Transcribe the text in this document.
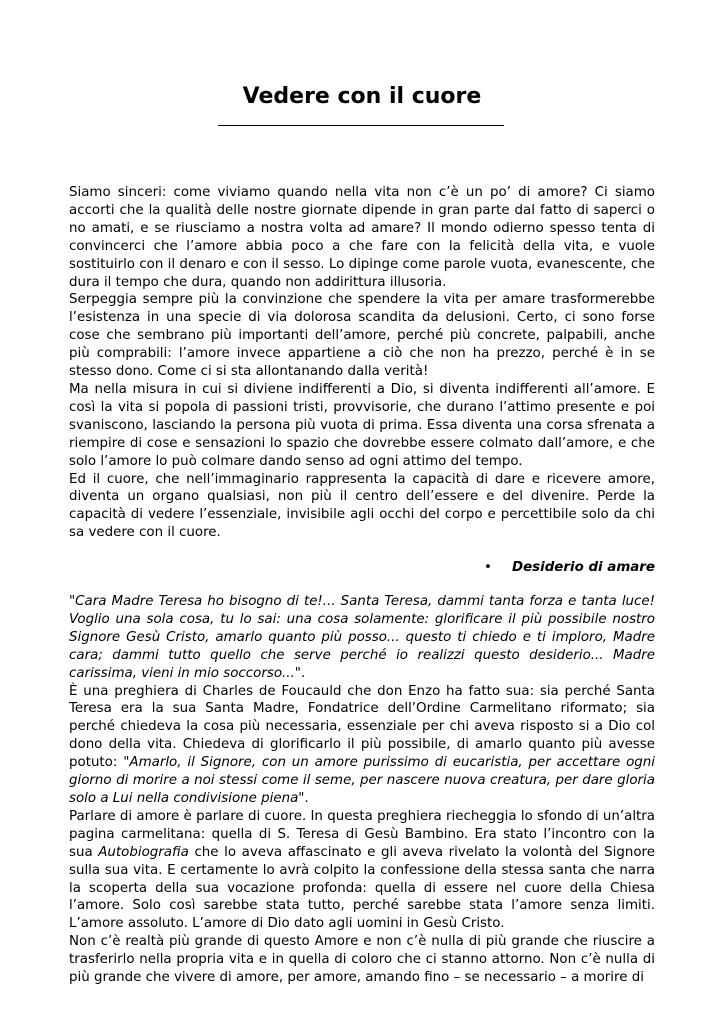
Vedere con il cuore

Siamo sinceri: come viviamo quando nella vita non c’è un po’ di amore? Ci siamo accorti che la qualità delle nostre giornate dipende in gran parte dal fatto di saperci o no amati, e se riusciamo a nostra volta ad amare? Il mondo odierno spesso tenta di convincerci che l’amore abbia poco a che fare con la felicità della vita, e vuole sostituirlo con il denaro e con il sesso. Lo dipinge come parole vuota, evanescente, che dura il tempo che dura, quando non addirittura illusoria.

Serpeggia sempre più la convinzione che spendere la vita per amare trasformerebbe l’esistenza in una specie di via dolorosa scandita da delusioni. Certo, ci sono forse cose che sembrano più importanti dell’amore, perché più concrete, palpabili, anche più comprabili: l’amore invece appartiene a ciò che non ha prezzo, perché è in se stesso dono. Come ci si sta allontanando dalla verità!

Ma nella misura in cui si diviene indifferenti a Dio, si diventa indifferenti all’amore. E così la vita si popola di passioni tristi, provvisorie, che durano l’attimo presente e poi svaniscono, lasciando la persona più vuota di prima. Essa diventa una corsa sfrenata a riempire di cose e sensazioni lo spazio che dovrebbe essere colmato dall’amore, e che solo l’amore lo può colmare dando senso ad ogni attimo del tempo.

Ed il cuore, che nell’immaginario rappresenta la capacità di dare e ricevere amore, diventa un organo qualsiasi, non più il centro dell’essere e del divenire. Perde la capacità di vedere l’essenziale, invisibile agli occhi del corpo e percettibile solo da chi sa vedere con il cuore.

• Desiderio di amare

"Cara Madre Teresa ho bisogno di te!... Santa Teresa, dammi tanta forza e tanta luce! Voglio una sola cosa, tu lo sai: una cosa solamente: glorificare il più possibile nostro Signore Gesù Cristo, amarlo quanto più posso... questo ti chiedo e ti imploro, Madre cara; dammi tutto quello che serve perché io realizzi questo desiderio... Madre carissima, vieni in mio soccorso...".

È una preghiera di Charles de Foucauld che don Enzo ha fatto sua: sia perché Santa Teresa era la sua Santa Madre, Fondatrice dell’Ordine Carmelitano riformato; sia perché chiedeva la cosa più necessaria, essenziale per chi aveva risposto si a Dio col dono della vita. Chiedeva di glorificarlo il più possibile, di amarlo quanto più avesse potuto: "Amarlo, il Signore, con un amore purissimo di eucaristia, per accettare ogni giorno di morire a noi stessi come il seme, per nascere nuova creatura, per dare gloria solo a Lui nella condivisione piena".

Parlare di amore è parlare di cuore. In questa preghiera riecheggia lo sfondo di un’altra pagina carmelitana: quella di S. Teresa di Gesù Bambino. Era stato l’incontro con la sua Autobiografia che lo aveva affascinato e gli aveva rivelato la volontà del Signore sulla sua vita. E certamente lo avrà colpito la confessione della stessa santa che narra la scoperta della sua vocazione profonda: quella di essere nel cuore della Chiesa l’amore. Solo così sarebbe stata tutto, perché sarebbe stata l’amore senza limiti. L’amore assoluto. L’amore di Dio dato agli uomini in Gesù Cristo.

Non c’è realtà più grande di questo Amore e non c’è nulla di più grande che riuscire a trasferirlo nella propria vita e in quella di coloro che ci stanno attorno. Non c’è nulla di più grande che vivere di amore, per amore, amando fino – se necessario – a morire di
